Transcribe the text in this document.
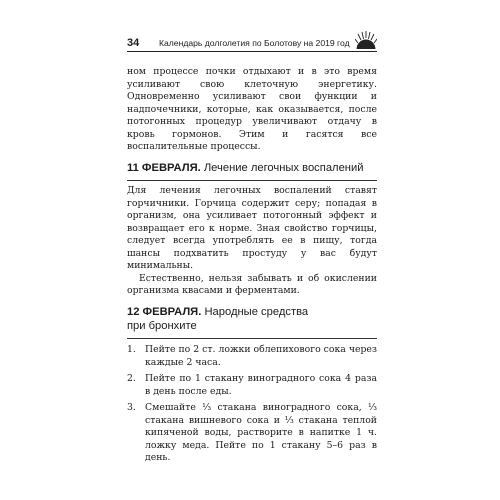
34 Календарь долголетия по Болотову на 2019 год

ном процессе почки отдыхают и в это время усиливают свою клеточную энергетику. Одновременно усиливают свои функции и надпочечники, которые, как оказывается, после потогонных процедур увеличивают отдачу в кровь гормонов. Этим и гасятся все воспалительные процессы.

11 ФЕВРАЛЯ. Лечение легочных воспалений

Для лечения легочных воспалений ставят горчичники. Горчица содержит серу; попадая в организм, она усиливает потогонный эффект и возвращает его к норме. Зная свойство горчицы, следует всегда употреблять ее в пищу, тогда шансы подхватить простуду у вас будут минимальны.

Естественно, нельзя забывать и об окислении организма квасами и ферментами.

12 ФЕВРАЛЯ. Народные средства
при бронхите
1. Пейте по 2 ст. ложки облепихового сока через каждые 2 часа.
2. Пейте по 1 стакану виноградного сока 4 раза в день после еды.
3. Смешайте ⅓ стакана виноградного сока, ⅓ стакана вишневого сока и ⅓ стакана теплой кипяченой воды, растворите в напитке 1 ч. ложку меда. Пейте по 1 стакану 5–6 раз в день.
